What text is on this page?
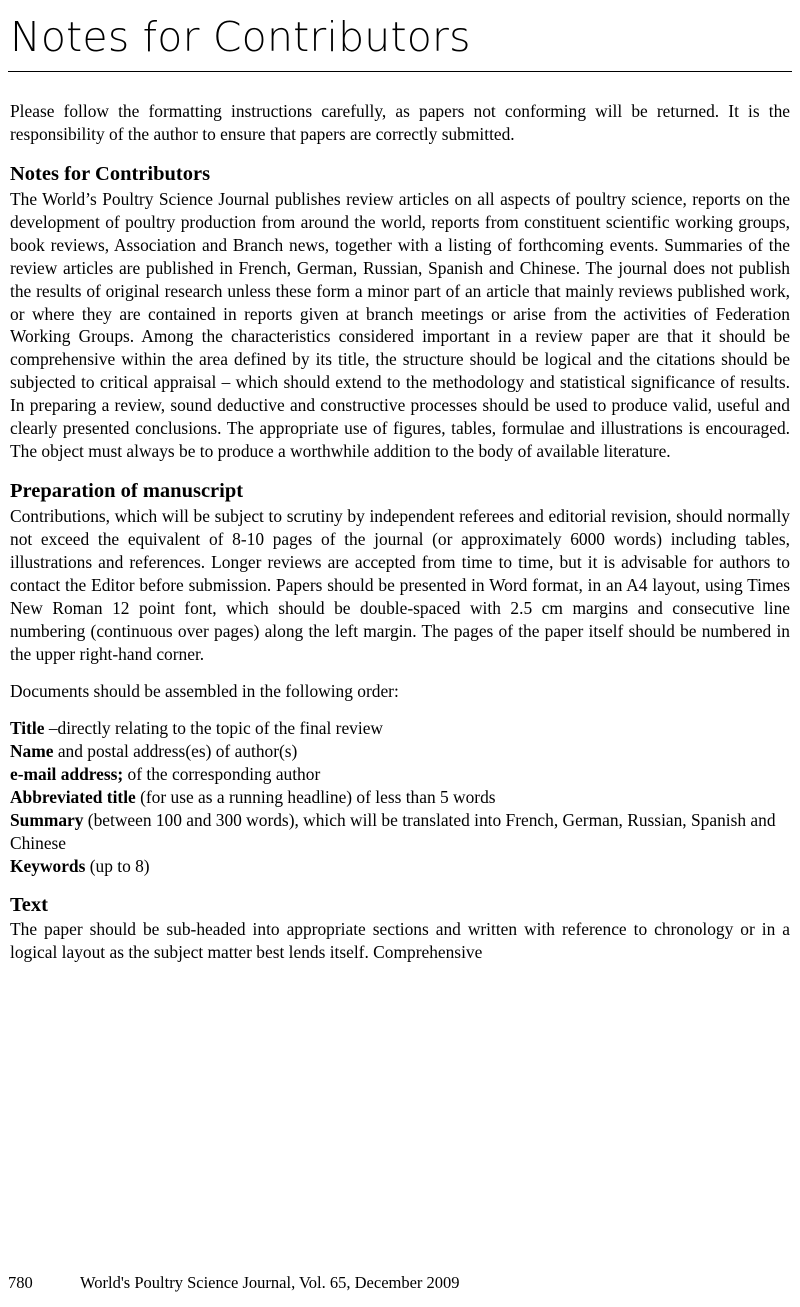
Notes for Contributors

Please follow the formatting instructions carefully, as papers not conforming will be returned. It is the responsibility of the author to ensure that papers are correctly submitted.

Notes for Contributors

The World’s Poultry Science Journal publishes review articles on all aspects of poultry science, reports on the development of poultry production from around the world, reports from constituent scientific working groups, book reviews, Association and Branch news, together with a listing of forthcoming events. Summaries of the review articles are published in French, German, Russian, Spanish and Chinese. The journal does not publish the results of original research unless these form a minor part of an article that mainly reviews published work, or where they are contained in reports given at branch meetings or arise from the activities of Federation Working Groups. Among the characteristics considered important in a review paper are that it should be comprehensive within the area defined by its title, the structure should be logical and the citations should be subjected to critical appraisal – which should extend to the methodology and statistical significance of results. In preparing a review, sound deductive and constructive processes should be used to produce valid, useful and clearly presented conclusions. The appropriate use of figures, tables, formulae and illustrations is encouraged. The object must always be to produce a worthwhile addition to the body of available literature.

Preparation of manuscript

Contributions, which will be subject to scrutiny by independent referees and editorial revision, should normally not exceed the equivalent of 8-10 pages of the journal (or approximately 6000 words) including tables, illustrations and references. Longer reviews are accepted from time to time, but it is advisable for authors to contact the Editor before submission. Papers should be presented in Word format, in an A4 layout, using Times New Roman 12 point font, which should be double-spaced with 2.5 cm margins and consecutive line numbering (continuous over pages) along the left margin. The pages of the paper itself should be numbered in the upper right-hand corner.

Documents should be assembled in the following order:

Title –directly relating to the topic of the final review
Name and postal address(es) of author(s)
e-mail address; of the corresponding author
Abbreviated title (for use as a running headline) of less than 5 words
Summary (between 100 and 300 words), which will be translated into French, German, Russian, Spanish and Chinese
Keywords (up to 8)
Text

The paper should be sub-headed into appropriate sections and written with reference to chronology or in a logical layout as the subject matter best lends itself. Comprehensive

780	World's Poultry Science Journal, Vol. 65, December 2009
